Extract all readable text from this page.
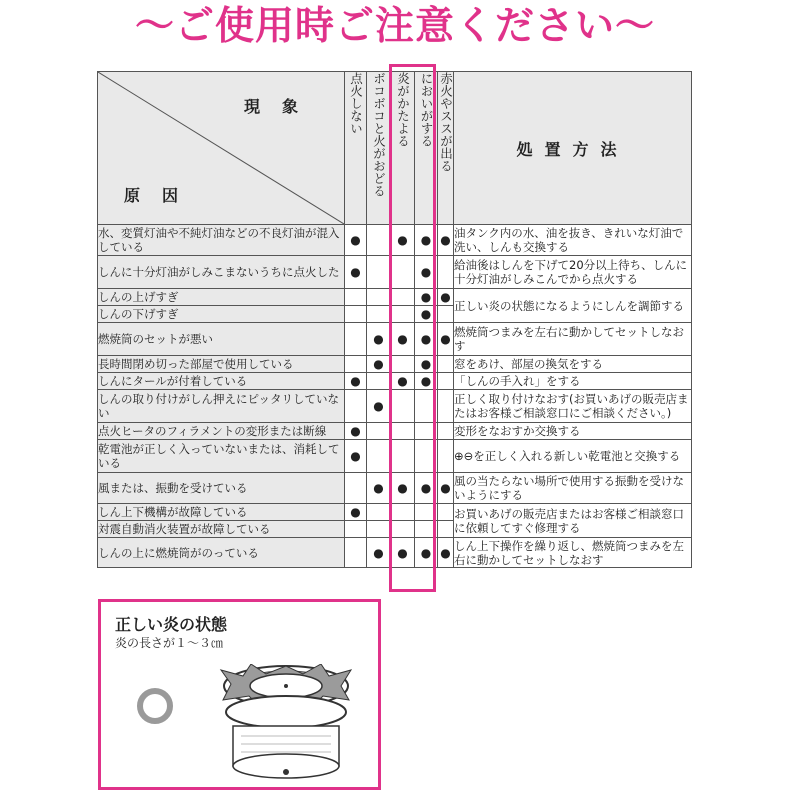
～ご使用時ご注意ください～
現象
原因	点火しない	ボコボコと火がおどる	炎がかたよる	においがする	赤火やススが出る	処置方法
水、変質灯油や不純灯油などの不良灯油が混入している	●		●	●	●	油タンク内の水、油を抜き、きれいな灯油で洗い、しんも交換する
しんに十分灯油がしみこまないうちに点火した	●			●		給油後はしんを下げて20分以上待ち、しんに十分灯油がしみこんでから点火する
しんの上げすぎ				●	●	正しい炎の状態になるようにしんを調節する
しんの下げすぎ				●		
燃焼筒のセットが悪い		●	●	●	●	燃焼筒つまみを左右に動かしてセットしなおす
長時間閉め切った部屋で使用している		●		●		窓をあけ、部屋の換気をする
しんにタールが付着している	●		●	●		「しんの手入れ」をする
しんの取り付けがしん押えにピッタリしていない		●				正しく取り付けなおす(お買いあげの販売店またはお客様ご相談窓口にご相談ください。)
点火ヒータのフィラメントの変形または断線	●					変形をなおすか交換する
乾電池が正しく入っていないまたは、消耗している	●					⊕⊖を正しく入れる新しい乾電池と交換する
風または、振動を受けている		●	●	●	●	風の当たらない場所で使用する振動を受けないようにする
しん上下機構が故障している	●					お買いあげの販売店またはお客様ご相談窓口に依頼してすぐ修理する
対震自動消火装置が故障している						
しんの上に燃焼筒がのっている		●	●	●	●	しん上下操作を繰り返し、燃焼筒つまみを左右に動かしてセットしなおす
正しい炎の状態
炎の長さが１～３㎝
